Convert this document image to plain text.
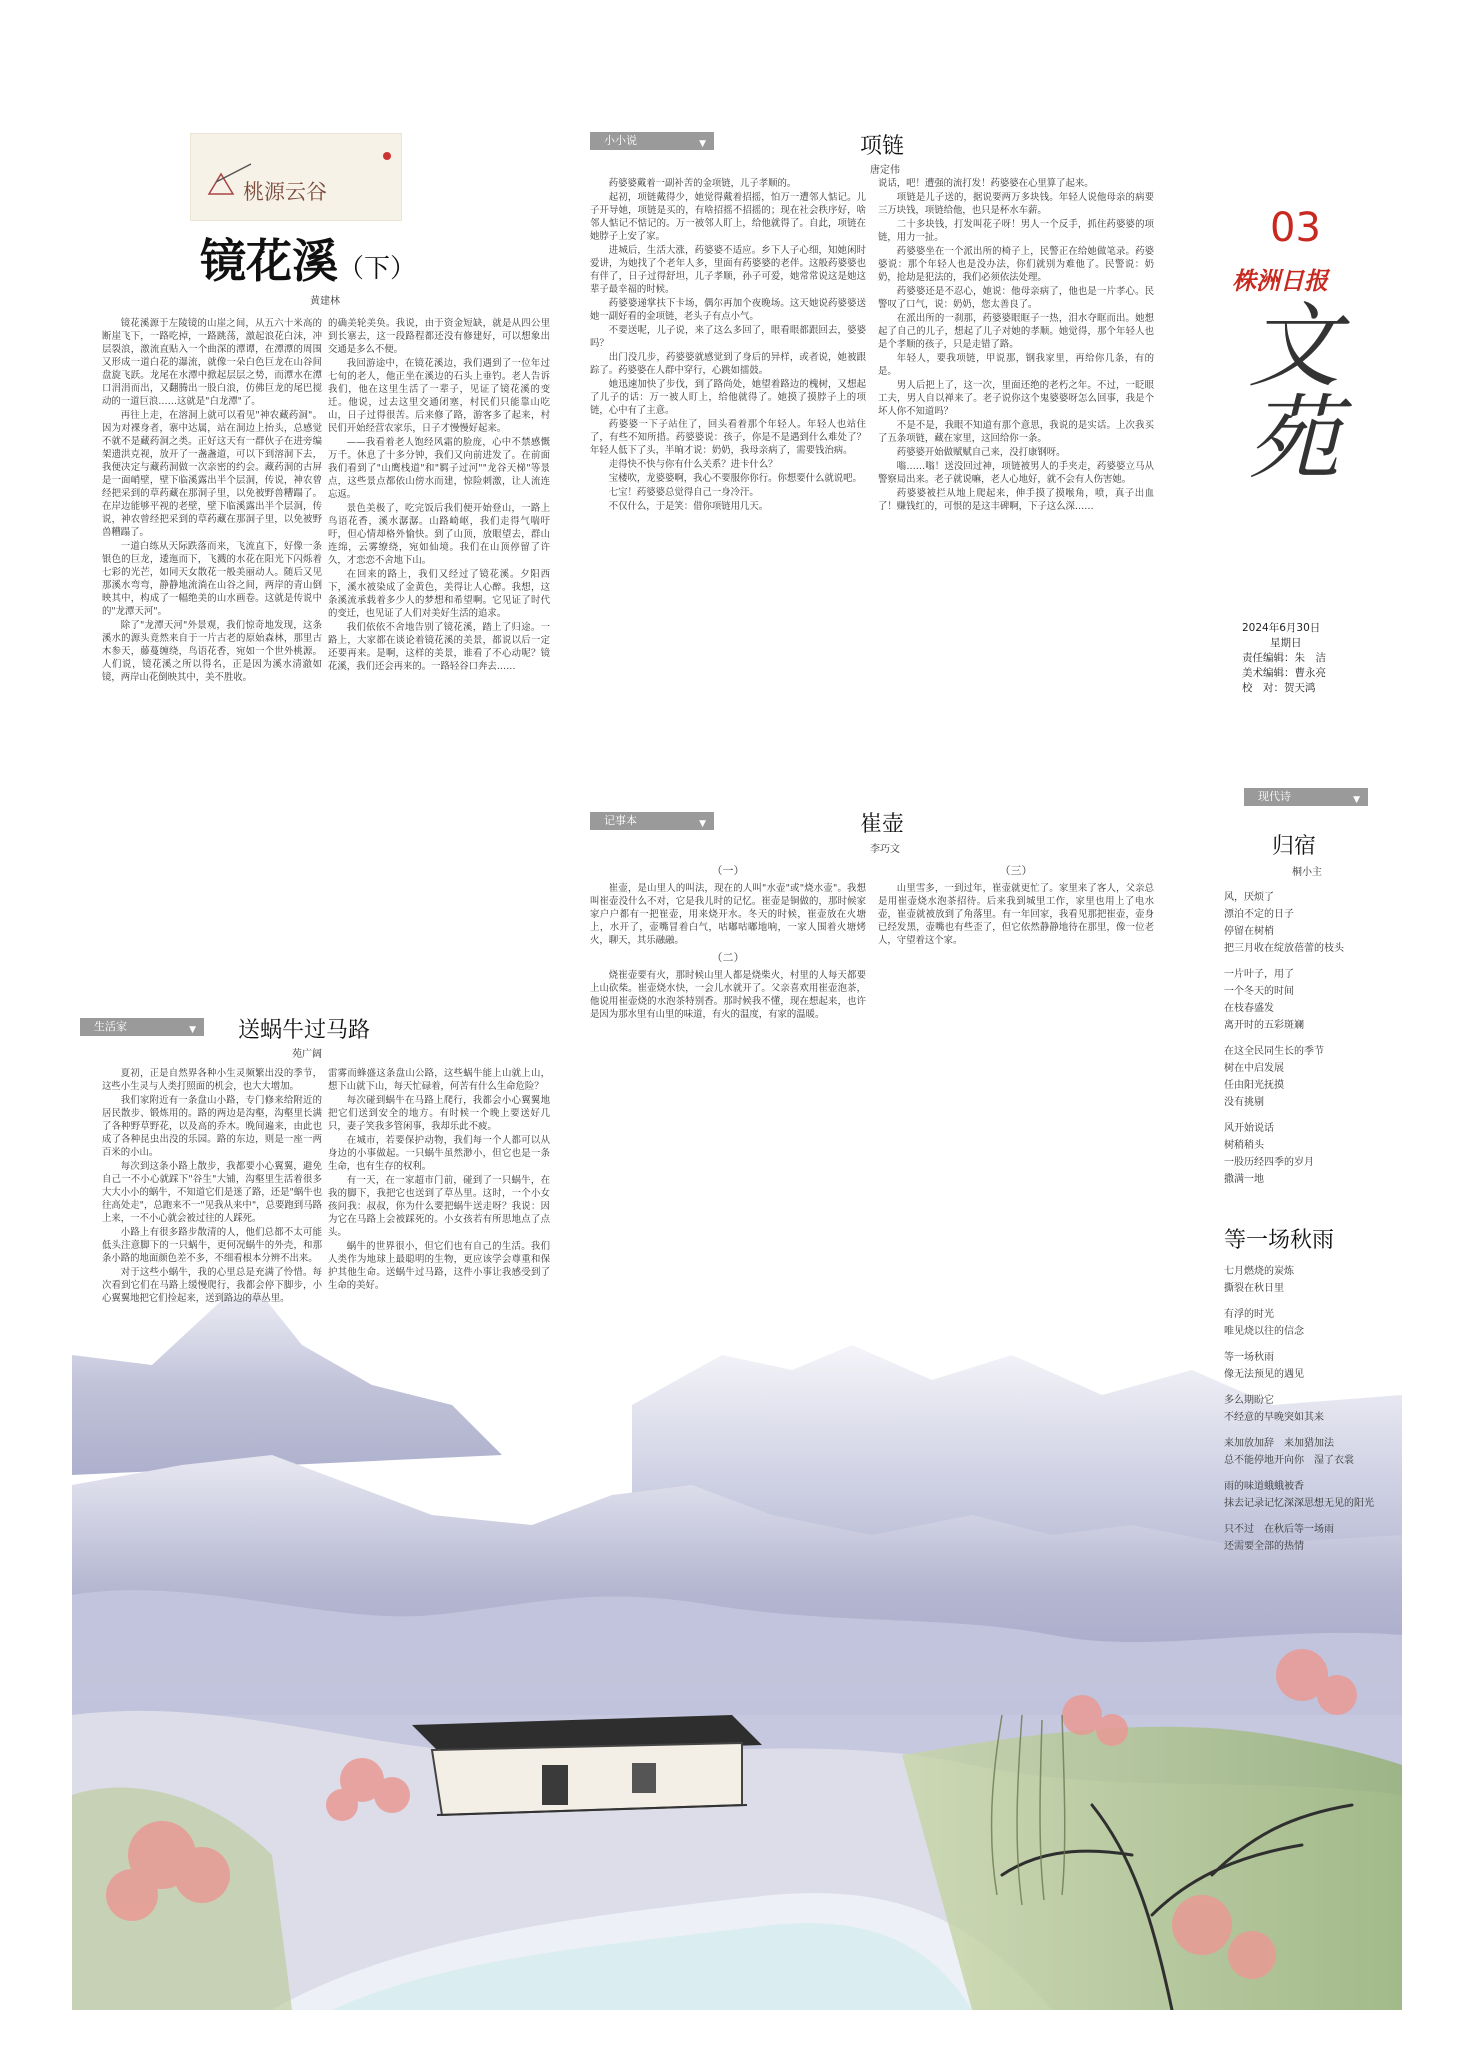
桃源云谷
镜花溪（下）
黄建林

镜花溪源于左陵镜的山崖之间，从五六十米高的断崖飞下，一路吃掉，一路跳荡，激起浪花白沫，冲层裂浪，激流直贴入一个曲深的潭谭，在潭潭的周围又形成一道白花的瀑流，就像一朵白色巨龙在山谷间盘旋飞跃。龙尾在水潭中掀起层层之势，而潭水在潭口涓涓而出，又翻腾出一股白浪，仿佛巨龙的尾巴搅动的一道巨浪……这就是"白龙潭"了。

再往上走，在溶洞上就可以看见"神农藏药洞"。因为对裸身者，寨中达属，站在洞边上抬头，总感觉不就不是藏药洞之类。正好这天有一群伙子在进旁编架遗洪克视，放开了一盏盏道，可以下到溶洞下去，我便决定与藏药洞做一次亲密的约会。藏药洞的古屏是一面峭壁，壁下临溪露出半个层洞，传说，神农曾经把采到的草药藏在那洞子里，以免被野兽糟蹋了。在岸边能够平视的老壁，壁下临溪露出半个层洞，传说，神农曾经把采到的草药藏在那洞子里，以免被野兽糟蹋了。

一道白练从天际跌落而来，飞流直下，好像一条银色的巨龙，逶迤而下，飞溅的水花在阳光下闪烁着七彩的光芒，如同天女散花一般美丽动人。随后又见那溪水弯弯，静静地流淌在山谷之间，两岸的青山倒映其中，构成了一幅绝美的山水画卷。这就是传说中的"龙潭天河"。

除了"龙潭天河"外景观，我们惊奇地发现，这条溪水的源头竟然来自于一片古老的原始森林，那里古木参天，藤蔓缠绕，鸟语花香，宛如一个世外桃源。人们说，镜花溪之所以得名，正是因为溪水清澈如镜，两岸山花倒映其中，美不胜收。

的确美轮美奂。我说，由于资金短缺，就是从四公里到长寨去，这一段路程都还没有修建好，可以想象出交通是多么不便。

我回游途中，在镜花溪边，我们遇到了一位年过七旬的老人，他正坐在溪边的石头上垂钓。老人告诉我们，他在这里生活了一辈子，见证了镜花溪的变迁。他说，过去这里交通闭塞，村民们只能靠山吃山，日子过得很苦。后来修了路，游客多了起来，村民们开始经营农家乐，日子才慢慢好起来。

——我看着老人饱经风霜的脸庞，心中不禁感慨万千。休息了十多分钟，我们又向前进发了。在前面我们看到了"山鹰栈道"和"羁子过河""龙谷天梯"等景点，这些景点都依山傍水而建，惊险刺激，让人流连忘返。

景色美极了，吃完饭后我们便开始登山，一路上鸟语花香，溪水潺潺。山路崎岖，我们走得气喘吁吁，但心情却格外愉快。到了山顶，放眼望去，群山连绵，云雾缭绕，宛如仙境。我们在山顶停留了许久，才恋恋不舍地下山。

在回来的路上，我们又经过了镜花溪。夕阳西下，溪水被染成了金黄色，美得让人心醉。我想，这条溪流承载着多少人的梦想和希望啊。它见证了时代的变迁，也见证了人们对美好生活的追求。

我们依依不舍地告别了镜花溪，踏上了归途。一路上，大家都在谈论着镜花溪的美景，都说以后一定还要再来。是啊，这样的美景，谁看了不心动呢？镜花溪，我们还会再来的。一路轻谷口奔去……

生活家	▼ 送蜗牛过马路
苑广阔

夏初，正是自然界各种小生灵频繁出没的季节，这些小生灵与人类打照面的机会，也大大增加。

我们家附近有一条盘山小路，专门修来给附近的居民散步、锻炼用的。路的两边是沟壑，沟壑里长满了各种野草野花，以及高的乔木。晚间遍来，由此也成了各种昆虫出没的乐园。路的东边，则是一座一两百米的小山。

每次到这条小路上散步，我都要小心翼翼，避免自己一不小心就踩下"谷生"大铺，沟壑里生活着很多大大小小的蜗牛，不知道它们是迷了路，还是"蜗牛也往高处走"，总跑来不一"见我从来中"，总要跑到马路上来，一不小心就会被过往的人踩死。

小路上有很多路步散清的人，他们总都不太可能低头注意脚下的一只蜗牛，更何况蜗牛的外壳，和那条小路的地面颜色差不多，不细看根本分辨不出来。

对于这些小蜗牛，我的心里总是充满了怜惜。每次看到它们在马路上缓慢爬行，我都会停下脚步，小心翼翼地把它们捡起来，送到路边的草丛里。

雷雾而蜂盛这条盘山公路，这些蜗牛能上山就上山，想下山就下山，每天忙碌着，何苦有什么生命危险？

每次碰到蜗牛在马路上爬行，我都会小心翼翼地把它们送到安全的地方。有时候一个晚上要送好几只，妻子笑我多管闲事，我却乐此不疲。

在城市，若要保护动物，我们每一个人都可以从身边的小事做起。一只蜗牛虽然渺小，但它也是一条生命，也有生存的权利。

有一天，在一家超市门前，碰到了一只蜗牛，在我的脚下，我把它也送到了草丛里。这时，一个小女孩问我：叔叔，你为什么要把蜗牛送走呀？我说：因为它在马路上会被踩死的。小女孩若有所思地点了点头。

蜗牛的世界很小，但它们也有自己的生活。我们人类作为地球上最聪明的生物，更应该学会尊重和保护其他生命。送蜗牛过马路，这件小事让我感受到了生命的美好。

小小说	▼	项链
唐定伟

药婆婆戴着一副补苦的金项链，儿子孝顺的。

起初，项链戴得少，她觉得戴着招摇，怕万一遭邻人惦记。儿子开导她，项链是买的，有啥招摇不招摇的；现在社会秩序好，啥邻人惦记不惦记的。万一被邻人盯上，给他就得了。自此，项链在她脖子上安了家。

进城后，生活大涨，药婆婆不适应。乡下人子心细，知她闲时爱讲，为她找了个老年人多，里面有药婆婆的老伴。这般药婆婆也有伴了，日子过得舒坦，儿子孝顺，孙子可爱，她常常说这是她这辈子最幸福的时候。

药婆婆递掌扶下卡场，偶尔再加个夜晚场。这天她说药婆婆送她一副好看的金项链，老头子有点小气。

不要送呢，儿子说，来了这么多回了，眼看眼都跟回去，婆婆吗？

出门没几步，药婆婆就感觉到了身后的异样，或者说，她被跟踪了。药婆婆在人群中穿行，心跳如擂鼓。

她迅速加快了步伐，到了路尚处，她望着路边的槐树，又想起了儿子的话：万一被人盯上，给他就得了。她摸了摸脖子上的项链，心中有了主意。

药婆婆一下子站住了，回头看着那个年轻人。年轻人也站住了，有些不知所措。药婆婆说：孩子，你是不是遇到什么难处了？年轻人低下了头，半晌才说：奶奶，我母亲病了，需要钱治病。

走得快不快与你有什么关系？进卡什么？

宝楼吹，龙婆婆啊，我心不要服你你行。你想要什么就说吧。

七宝！药婆婆总觉得自己一身冷汗。

不仅什么，于是笑：借你项链用几天。

说话，吧！遭强的流打发！药婆婆在心里算了起来。

项链是儿子送的，据说要两万多块钱。年轻人说他母亲的病要三万块钱，项链给他，也只是杯水车薪。

二十多块钱，打发叫花子呀！男人一个反手，抓住药婆婆的项链，用力一扯。

药婆婆坐在一个派出所的椅子上，民警正在给她做笔录。药婆婆说：那个年轻人也是没办法，你们就别为难他了。民警说：奶奶，抢劫是犯法的，我们必须依法处理。

药婆婆还是不忍心，她说：他母亲病了，他也是一片孝心。民警叹了口气，说：奶奶，您太善良了。

在派出所的一刹那，药婆婆眼眶子一热，泪水夺眶而出。她想起了自己的儿子，想起了儿子对她的孝顺。她觉得，那个年轻人也是个孝顺的孩子，只是走错了路。

年轻人，要我项链，甲说那，钢我家里，再给你几条，有的是。

男人后把上了，这一次，里面还绝的老朽之年。不过，一眨眼工夫，男人自以禅来了。老子说你这个鬼婆婆呀怎么回事，我是个坏人你不知道吗？

不是不是，我眼不知道有那个意思，我说的是实话。上次我买了五条项链，藏在家里，这回给你一条。

药婆婆开始做赋赋自己来，没打康钢呀。

嗡……嗡！送没回过神，项链被男人的手夹走，药婆婆立马从警察局出来。老子就说嘛，老人心地好，就不会有人伤害她。

药婆婆被拦从地上爬起来，伸手摸了摸喉角，喷，真子出血了！赚钱红的，可恨的是这丰碑啊，下子这么深……

记事本	▼	崔壶
李巧文
（一）

崔壶，是山里人的叫法，现在的人叫"水壶"或"烧水壶"。我想叫崔壶没什么不对，它是我儿时的记忆。崔壶是铜做的，那时候家家户户都有一把崔壶，用来烧开水。冬天的时候，崔壶放在火塘上，水开了，壶嘴冒着白气，咕嘟咕嘟地响，一家人围着火塘烤火，聊天，其乐融融。

（二）

烧崔壶要有火，那时候山里人都是烧柴火，村里的人每天都要上山砍柴。崔壶烧水快，一会儿水就开了。父亲喜欢用崔壶泡茶，他说用崔壶烧的水泡茶特别香。那时候我不懂，现在想起来，也许是因为那水里有山里的味道，有火的温度，有家的温暖。

（三）

山里雪多，一到过年，崔壶就更忙了。家里来了客人，父亲总是用崔壶烧水泡茶招待。后来我到城里工作，家里也用上了电水壶，崔壶就被放到了角落里。有一年回家，我看见那把崔壶，壶身已经发黑，壶嘴也有些歪了，但它依然静静地待在那里，像一位老人，守望着这个家。

03
株洲日报
文苑
2024年6月30日
星期日
责任编辑：朱　洁
美术编辑：曹永亮
校　对：贺天鸿
现代诗	▼
归宿
桐小主
风，厌烦了
漂泊不定的日子
停留在树梢
把三月收在绽放蓓蕾的枝头
一片叶子，用了
一个冬天的时间
在枝春盛发
离开时的五彩斑斓
在这全民同生长的季节
树在中启发展
任由阳光抚摸
没有挑剔
风开始说话
树稍稍头
一股历经四季的岁月
撒满一地
等一场秋雨
七月燃烧的炭炼
撕裂在秋日里
有浮的时光
唯见烧以往的信念
等一场秋雨
像无法预见的遇见
多么期盼它
不经意的早晚突如其来
来加放加辞　来加猎加法
总不能停地开向你　湿了衣裳
雨的味道蛾蛾被香
抹去记录记忆深深思想无见的阳光
只不过　在秋后等一场雨
还需要全部的热情
